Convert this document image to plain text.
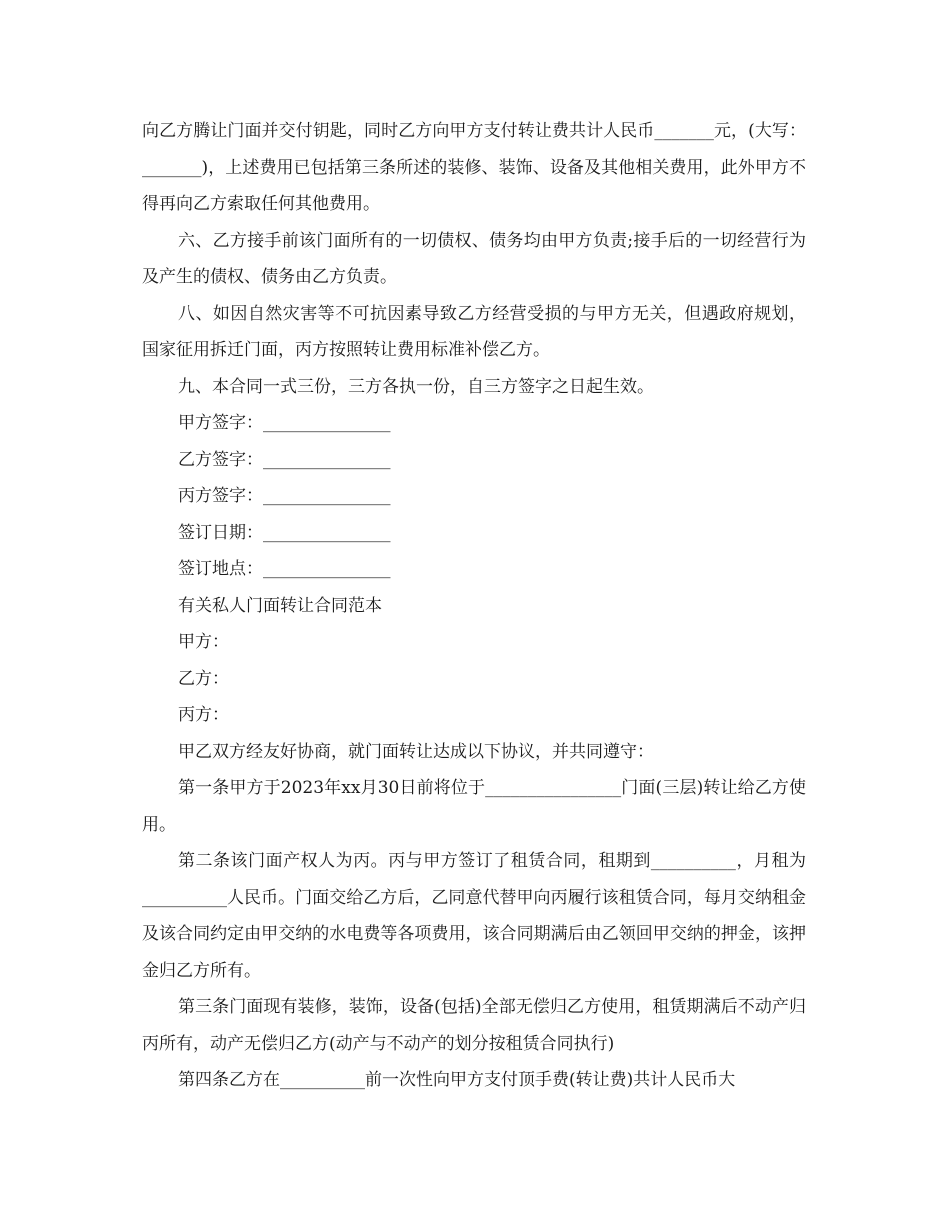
向乙方腾让门面并交付钥匙，同时乙方向甲方支付转让费共计人民币_______元，(大写：_______)，上述费用已包括第三条所述的装修、装饰、设备及其他相关费用，此外甲方不得再向乙方索取任何其他费用。

六、乙方接手前该门面所有的一切债权、债务均由甲方负责;接手后的一切经营行为及产生的债权、债务由乙方负责。

八、如因自然灾害等不可抗因素导致乙方经营受损的与甲方无关，但遇政府规划，国家征用拆迁门面，丙方按照转让费用标准补偿乙方。

九、本合同一式三份，三方各执一份，自三方签字之日起生效。

甲方签字：_______________

乙方签字：_______________

丙方签字：_______________

签订日期：_______________

签订地点：_______________

有关私人门面转让合同范本

甲方：

乙方：

丙方：

甲乙双方经友好协商，就门面转让达成以下协议，并共同遵守：

第一条甲方于2023年xx月30日前将位于________________门面(三层)转让给乙方使用。

第二条该门面产权人为丙。丙与甲方签订了租赁合同，租期到__________，月租为__________人民币。门面交给乙方后，乙同意代替甲向丙履行该租赁合同，每月交纳租金及该合同约定由甲交纳的水电费等各项费用，该合同期满后由乙领回甲交纳的押金，该押金归乙方所有。

第三条门面现有装修，装饰，设备(包括)全部无偿归乙方使用，租赁期满后不动产归丙所有，动产无偿归乙方(动产与不动产的划分按租赁合同执行)

第四条乙方在__________前一次性向甲方支付顶手费(转让费)共计人民币大
